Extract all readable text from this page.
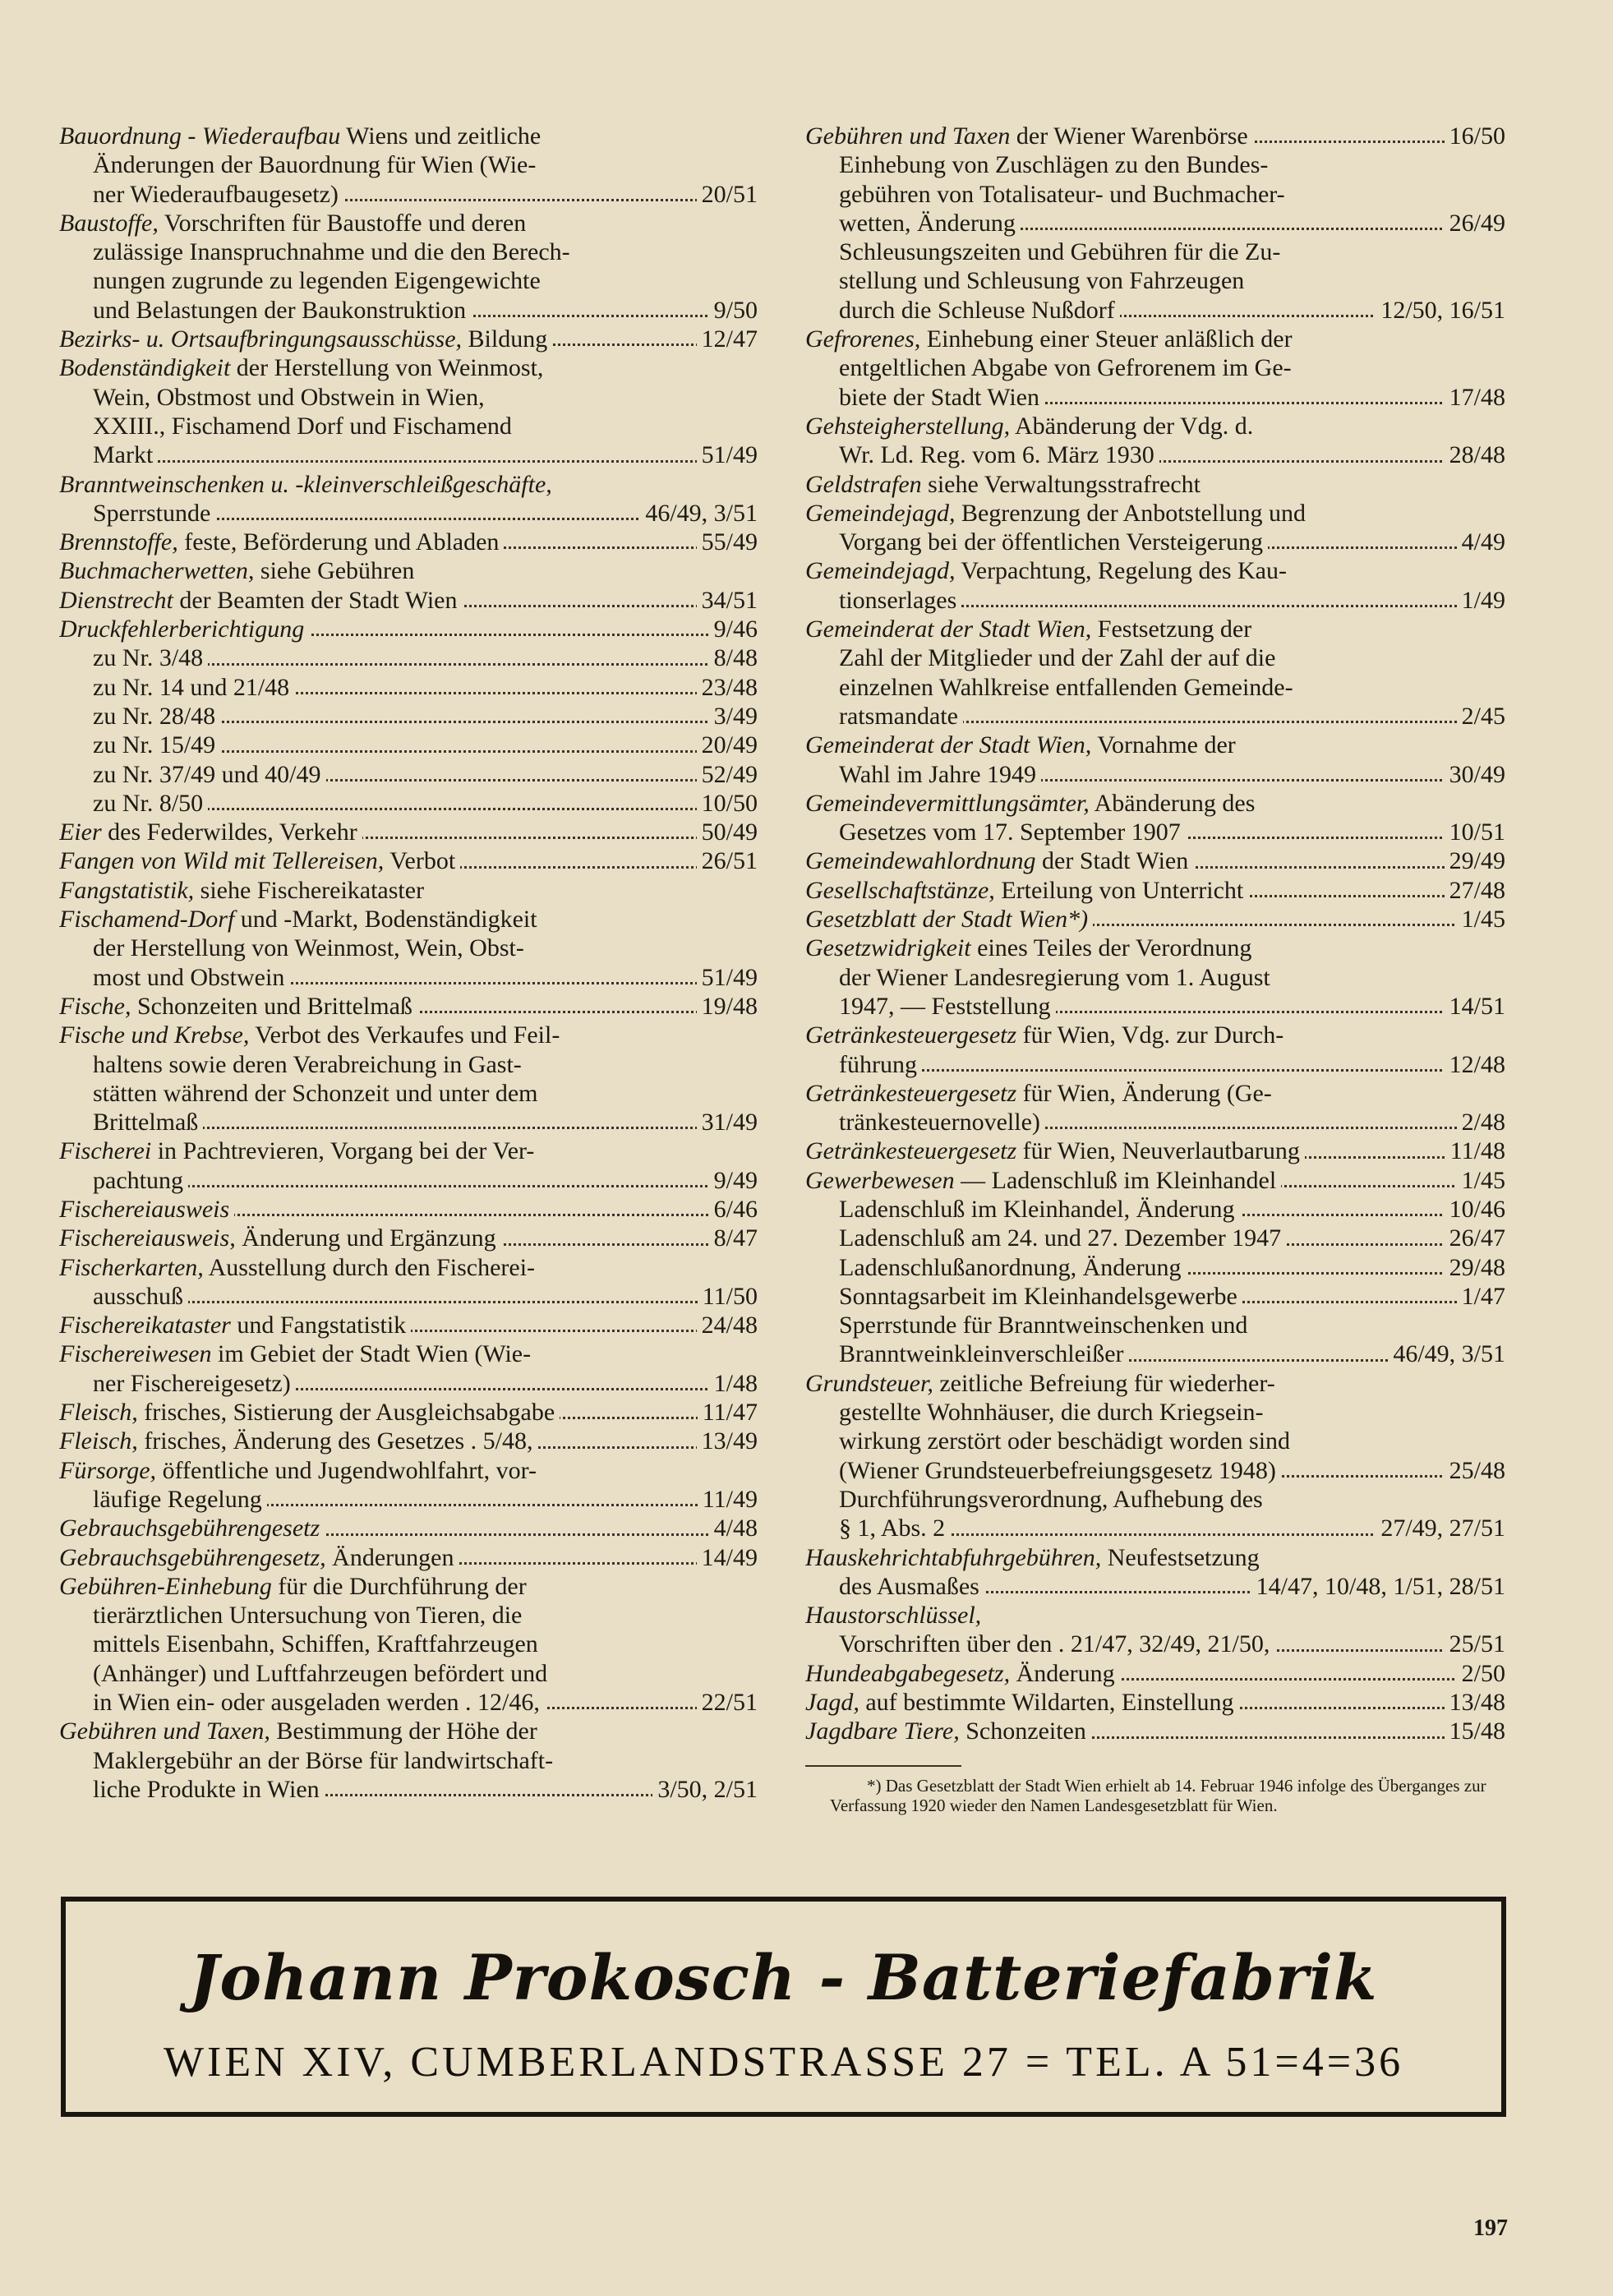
Bauordnung - Wiederaufbau Wiens und zeitliche
Änderungen der Bauordnung für Wien (Wie-
ner Wiederaufbaugesetz)	20/51
Baustoffe, Vorschriften für Baustoffe und deren
zulässige Inanspruchnahme und die den Berech-
nungen zugrunde zu legenden Eigengewichte
und Belastungen der Baukonstruktion	9/50
Bezirks- u. Ortsaufbringungsausschüsse, Bildung	12/47
Bodenständigkeit der Herstellung von Weinmost,
Wein, Obstmost und Obstwein in Wien,
XXIII., Fischamend Dorf und Fischamend
Markt	51/49
Branntweinschenken u. -kleinverschleißgeschäfte,
Sperrstunde	46/49, 3/51
Brennstoffe, feste, Beförderung und Abladen	55/49
Buchmacherwetten, siehe Gebühren
Dienstrecht der Beamten der Stadt Wien	34/51
Druckfehlerberichtigung	9/46
zu Nr. 3/48	8/48
zu Nr. 14 und 21/48	23/48
zu Nr. 28/48	3/49
zu Nr. 15/49	20/49
zu Nr. 37/49 und 40/49	52/49
zu Nr. 8/50	10/50
Eier des Federwildes, Verkehr	50/49
Fangen von Wild mit Tellereisen, Verbot	26/51
Fangstatistik, siehe Fischereikataster
Fischamend-Dorf und -Markt, Bodenständigkeit
der Herstellung von Weinmost, Wein, Obst-
most und Obstwein	51/49
Fische, Schonzeiten und Brittelmaß	19/48
Fische und Krebse, Verbot des Verkaufes und Feil-
haltens sowie deren Verabreichung in Gast-
stätten während der Schonzeit und unter dem
Brittelmaß	31/49
Fischerei in Pachtrevieren, Vorgang bei der Ver-
pachtung	9/49
Fischereiausweis	6/46
Fischereiausweis, Änderung und Ergänzung	8/47
Fischerkarten, Ausstellung durch den Fischerei-
ausschuß	11/50
Fischereikataster und Fangstatistik	24/48
Fischereiwesen im Gebiet der Stadt Wien (Wie-
ner Fischereigesetz)	1/48
Fleisch, frisches, Sistierung der Ausgleichsabgabe	11/47
Fleisch, frisches, Änderung des Gesetzes . 5/48,	13/49
Fürsorge, öffentliche und Jugendwohlfahrt, vor-
läufige Regelung	11/49
Gebrauchsgebührengesetz	4/48
Gebrauchsgebührengesetz, Änderungen	14/49
Gebühren-Einhebung für die Durchführung der
tierärztlichen Untersuchung von Tieren, die
mittels Eisenbahn, Schiffen, Kraftfahrzeugen
(Anhänger) und Luftfahrzeugen befördert und
in Wien ein- oder ausgeladen werden . 12/46,	22/51
Gebühren und Taxen, Bestimmung der Höhe der
Maklergebühr an der Börse für landwirtschaft-
liche Produkte in Wien	3/50, 2/51
Gebühren und Taxen der Wiener Warenbörse	16/50
Einhebung von Zuschlägen zu den Bundes-
gebühren von Totalisateur- und Buchmacher-
wetten, Änderung	26/49
Schleusungszeiten und Gebühren für die Zu-
stellung und Schleusung von Fahrzeugen
durch die Schleuse Nußdorf	12/50, 16/51
Gefrorenes, Einhebung einer Steuer anläßlich der
entgeltlichen Abgabe von Gefrorenem im Ge-
biete der Stadt Wien	17/48
Gehsteigherstellung, Abänderung der Vdg. d.
Wr. Ld. Reg. vom 6. März 1930	28/48
Geldstrafen siehe Verwaltungsstrafrecht
Gemeindejagd, Begrenzung der Anbotstellung und
Vorgang bei der öffentlichen Versteigerung	4/49
Gemeindejagd, Verpachtung, Regelung des Kau-
tionserlages	1/49
Gemeinderat der Stadt Wien, Festsetzung der
Zahl der Mitglieder und der Zahl der auf die
einzelnen Wahlkreise entfallenden Gemeinde-
ratsmandate	2/45
Gemeinderat der Stadt Wien, Vornahme der
Wahl im Jahre 1949	30/49
Gemeindevermittlungsämter, Abänderung des
Gesetzes vom 17. September 1907	10/51
Gemeindewahlordnung der Stadt Wien	29/49
Gesellschaftstänze, Erteilung von Unterricht	27/48
Gesetzblatt der Stadt Wien*)	1/45
Gesetzwidrigkeit eines Teiles der Verordnung
der Wiener Landesregierung vom 1. August
1947, — Feststellung	14/51
Getränkesteuergesetz für Wien, Vdg. zur Durch-
führung	12/48
Getränkesteuergesetz für Wien, Änderung (Ge-
tränkesteuernovelle)	2/48
Getränkesteuergesetz für Wien, Neuverlautbarung	11/48
Gewerbewesen — Ladenschluß im Kleinhandel	1/45
Ladenschluß im Kleinhandel, Änderung	10/46
Ladenschluß am 24. und 27. Dezember 1947	26/47
Ladenschlußanordnung, Änderung	29/48
Sonntagsarbeit im Kleinhandelsgewerbe	1/47
Sperrstunde für Branntweinschenken und
Branntweinkleinverschleißer	46/49, 3/51
Grundsteuer, zeitliche Befreiung für wiederher-
gestellte Wohnhäuser, die durch Kriegsein-
wirkung zerstört oder beschädigt worden sind
(Wiener Grundsteuerbefreiungsgesetz 1948)	25/48
Durchführungsverordnung, Aufhebung des
§ 1, Abs. 2	27/49, 27/51
Hauskehrichtabfuhrgebühren, Neufestsetzung
des Ausmaßes	14/47, 10/48, 1/51, 28/51
Haustorschlüssel,
Vorschriften über den . 21/47, 32/49, 21/50,	25/51
Hundeabgabegesetz, Änderung	2/50
Jagd, auf bestimmte Wildarten, Einstellung	13/48
Jagdbare Tiere, Schonzeiten	15/48

*) Das Gesetzblatt der Stadt Wien erhielt ab 14. Februar 1946 infolge des Überganges zur Verfassung 1920 wieder den Namen Landesgesetzblatt für Wien.

Johann Prokosch - Batteriefabrik
WIEN XIV, CUMBERLANDSTRASSE 27 = TEL. A 51=4=36
197
